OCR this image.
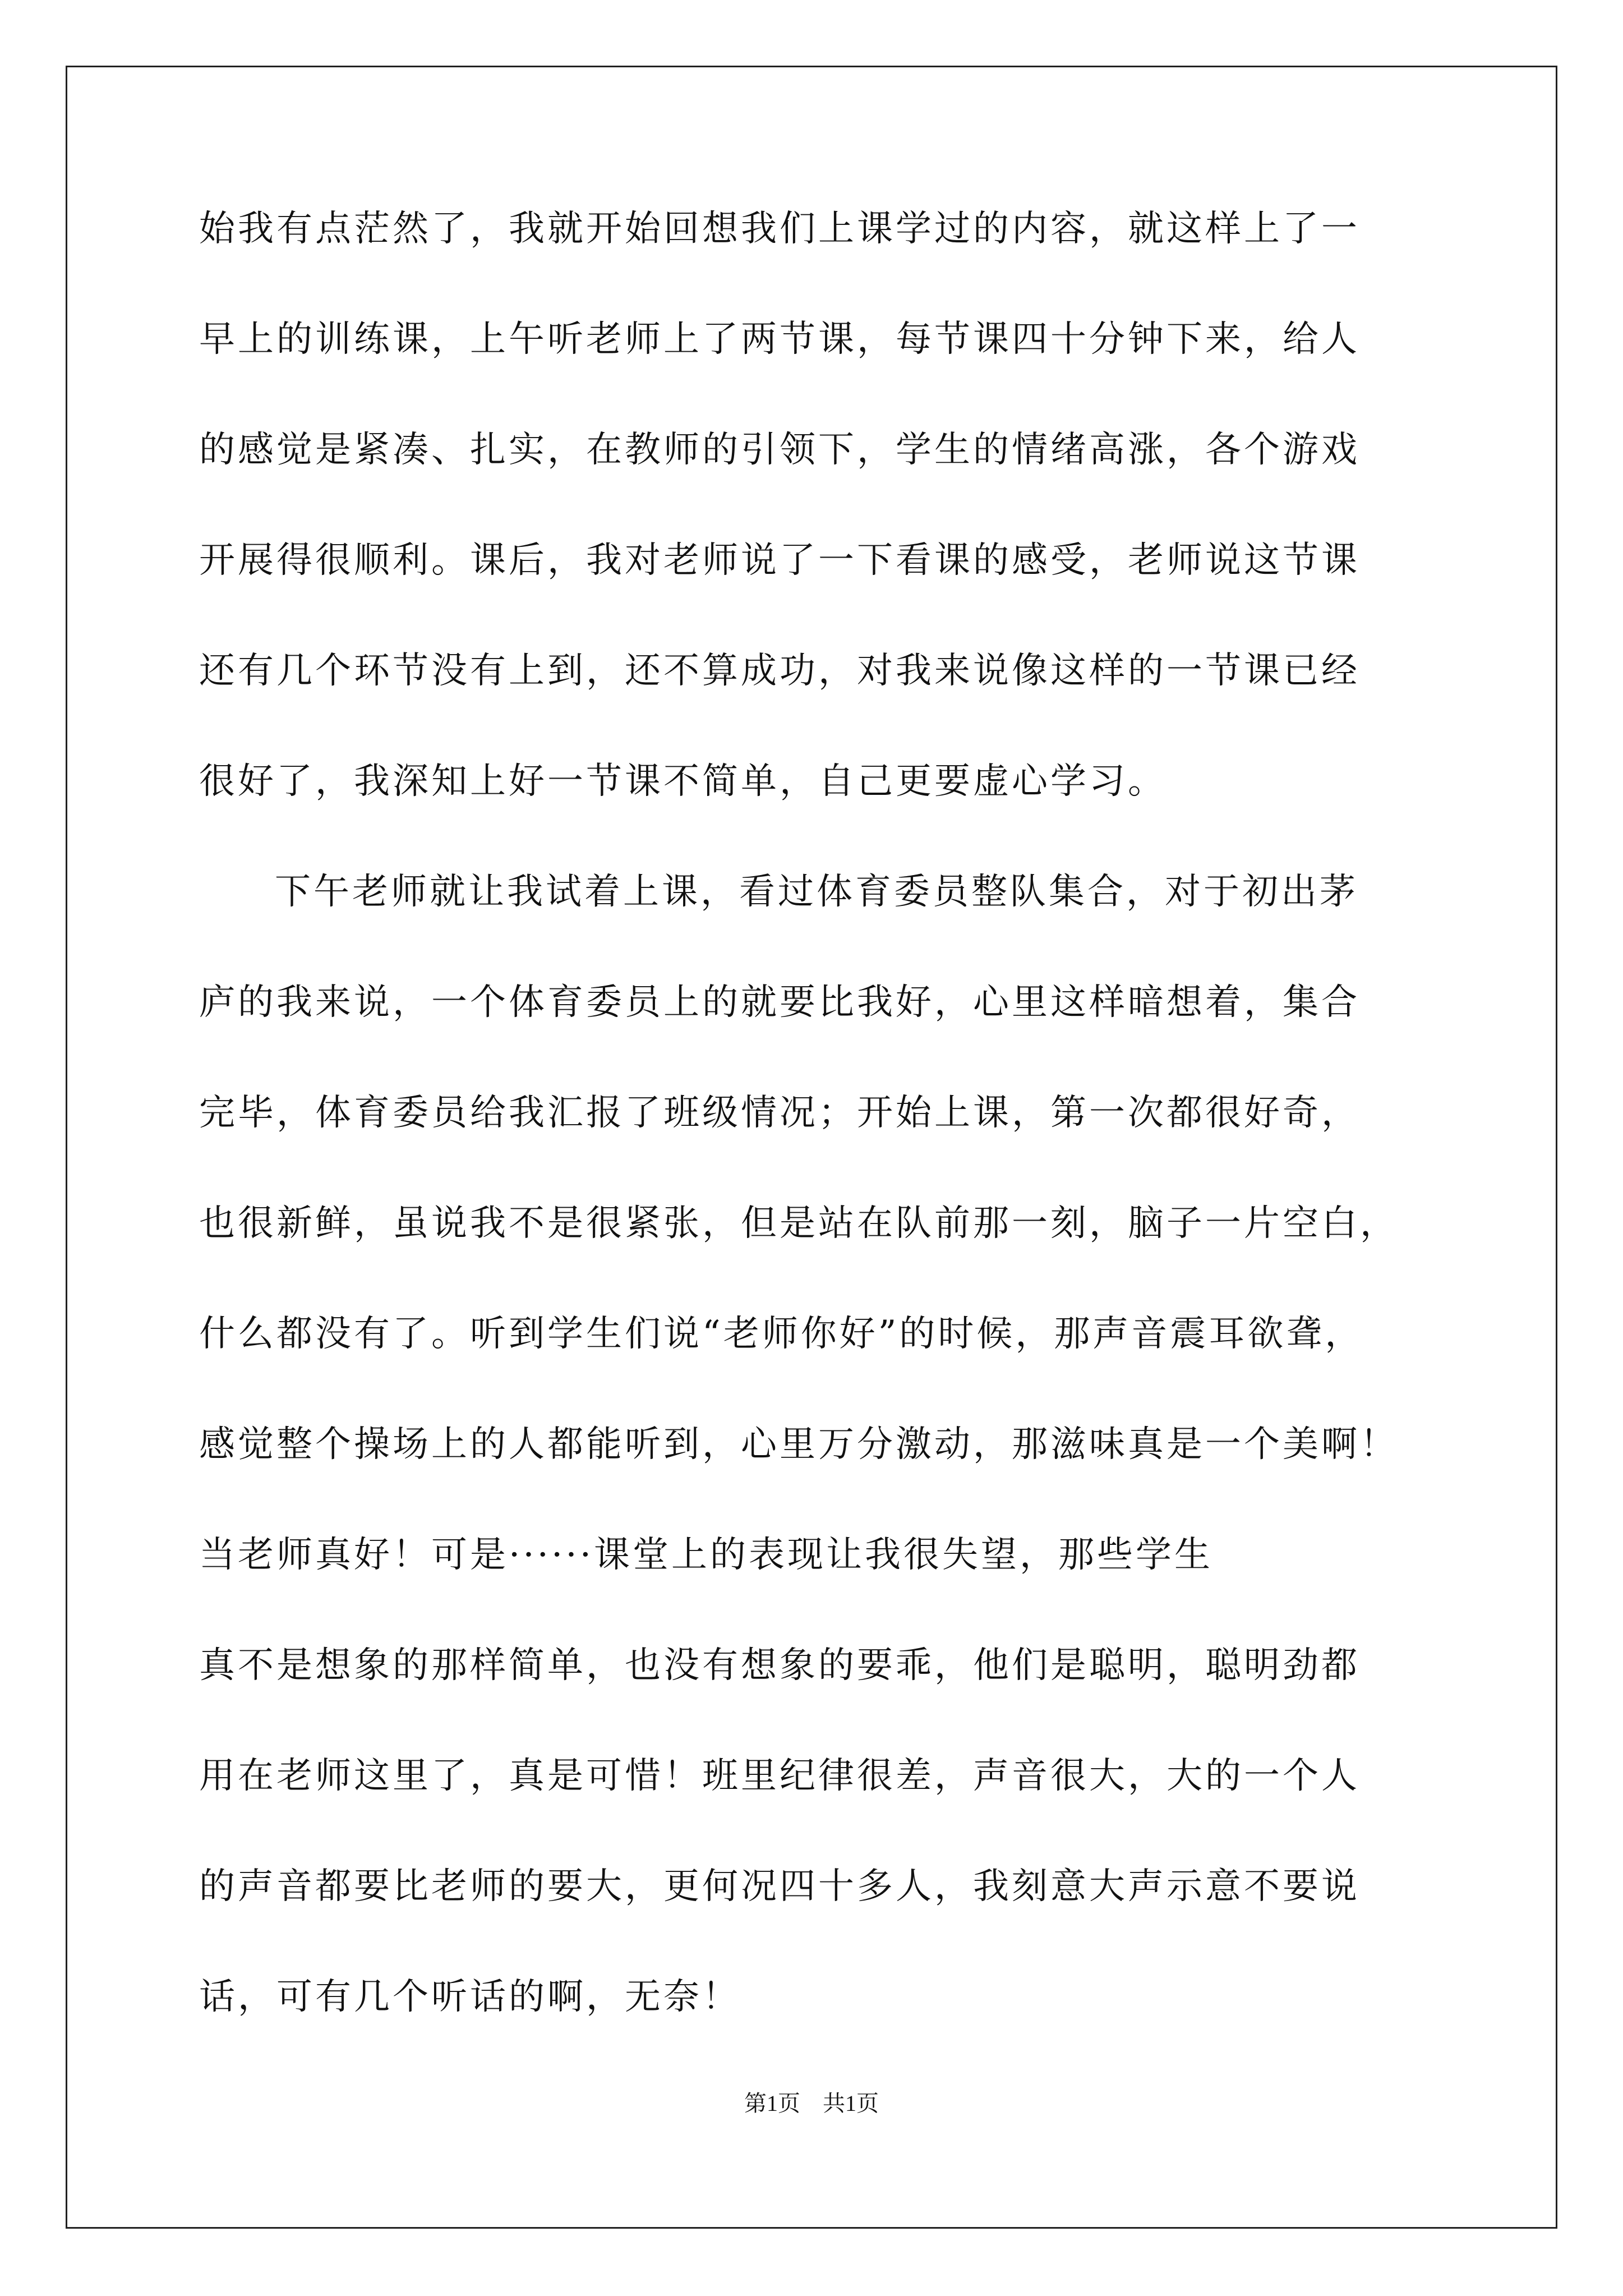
始我有点茫然了，我就开始回想我们上课学过的内容，就这样上了一
早上的训练课，上午听老师上了两节课，每节课四十分钟下来，给人
的感觉是紧凑、扎实，在教师的引领下，学生的情绪高涨，各个游戏
开展得很顺利。课后，我对老师说了一下看课的感受，老师说这节课
还有几个环节没有上到，还不算成功，对我来说像这样的一节课已经
很好了，我深知上好一节课不简单，自己更要虚心学习。
下午老师就让我试着上课，看过体育委员整队集合，对于初出茅
庐的我来说，一个体育委员上的就要比我好，心里这样暗想着，集合
完毕，体育委员给我汇报了班级情况；开始上课，第一次都很好奇，
也很新鲜，虽说我不是很紧张，但是站在队前那一刻，脑子一片空白，
什么都没有了。听到学生们说“老师你好”的时候，那声音震耳欲聋，
感觉整个操场上的人都能听到，心里万分激动，那滋味真是一个美啊！
当老师真好！可是······课堂上的表现让我很失望，那些学生
真不是想象的那样简单，也没有想象的要乖，他们是聪明，聪明劲都
用在老师这里了，真是可惜！班里纪律很差，声音很大，大的一个人
的声音都要比老师的要大，更何况四十多人，我刻意大声示意不要说
话，可有几个听话的啊，无奈！
第1页　共1页
